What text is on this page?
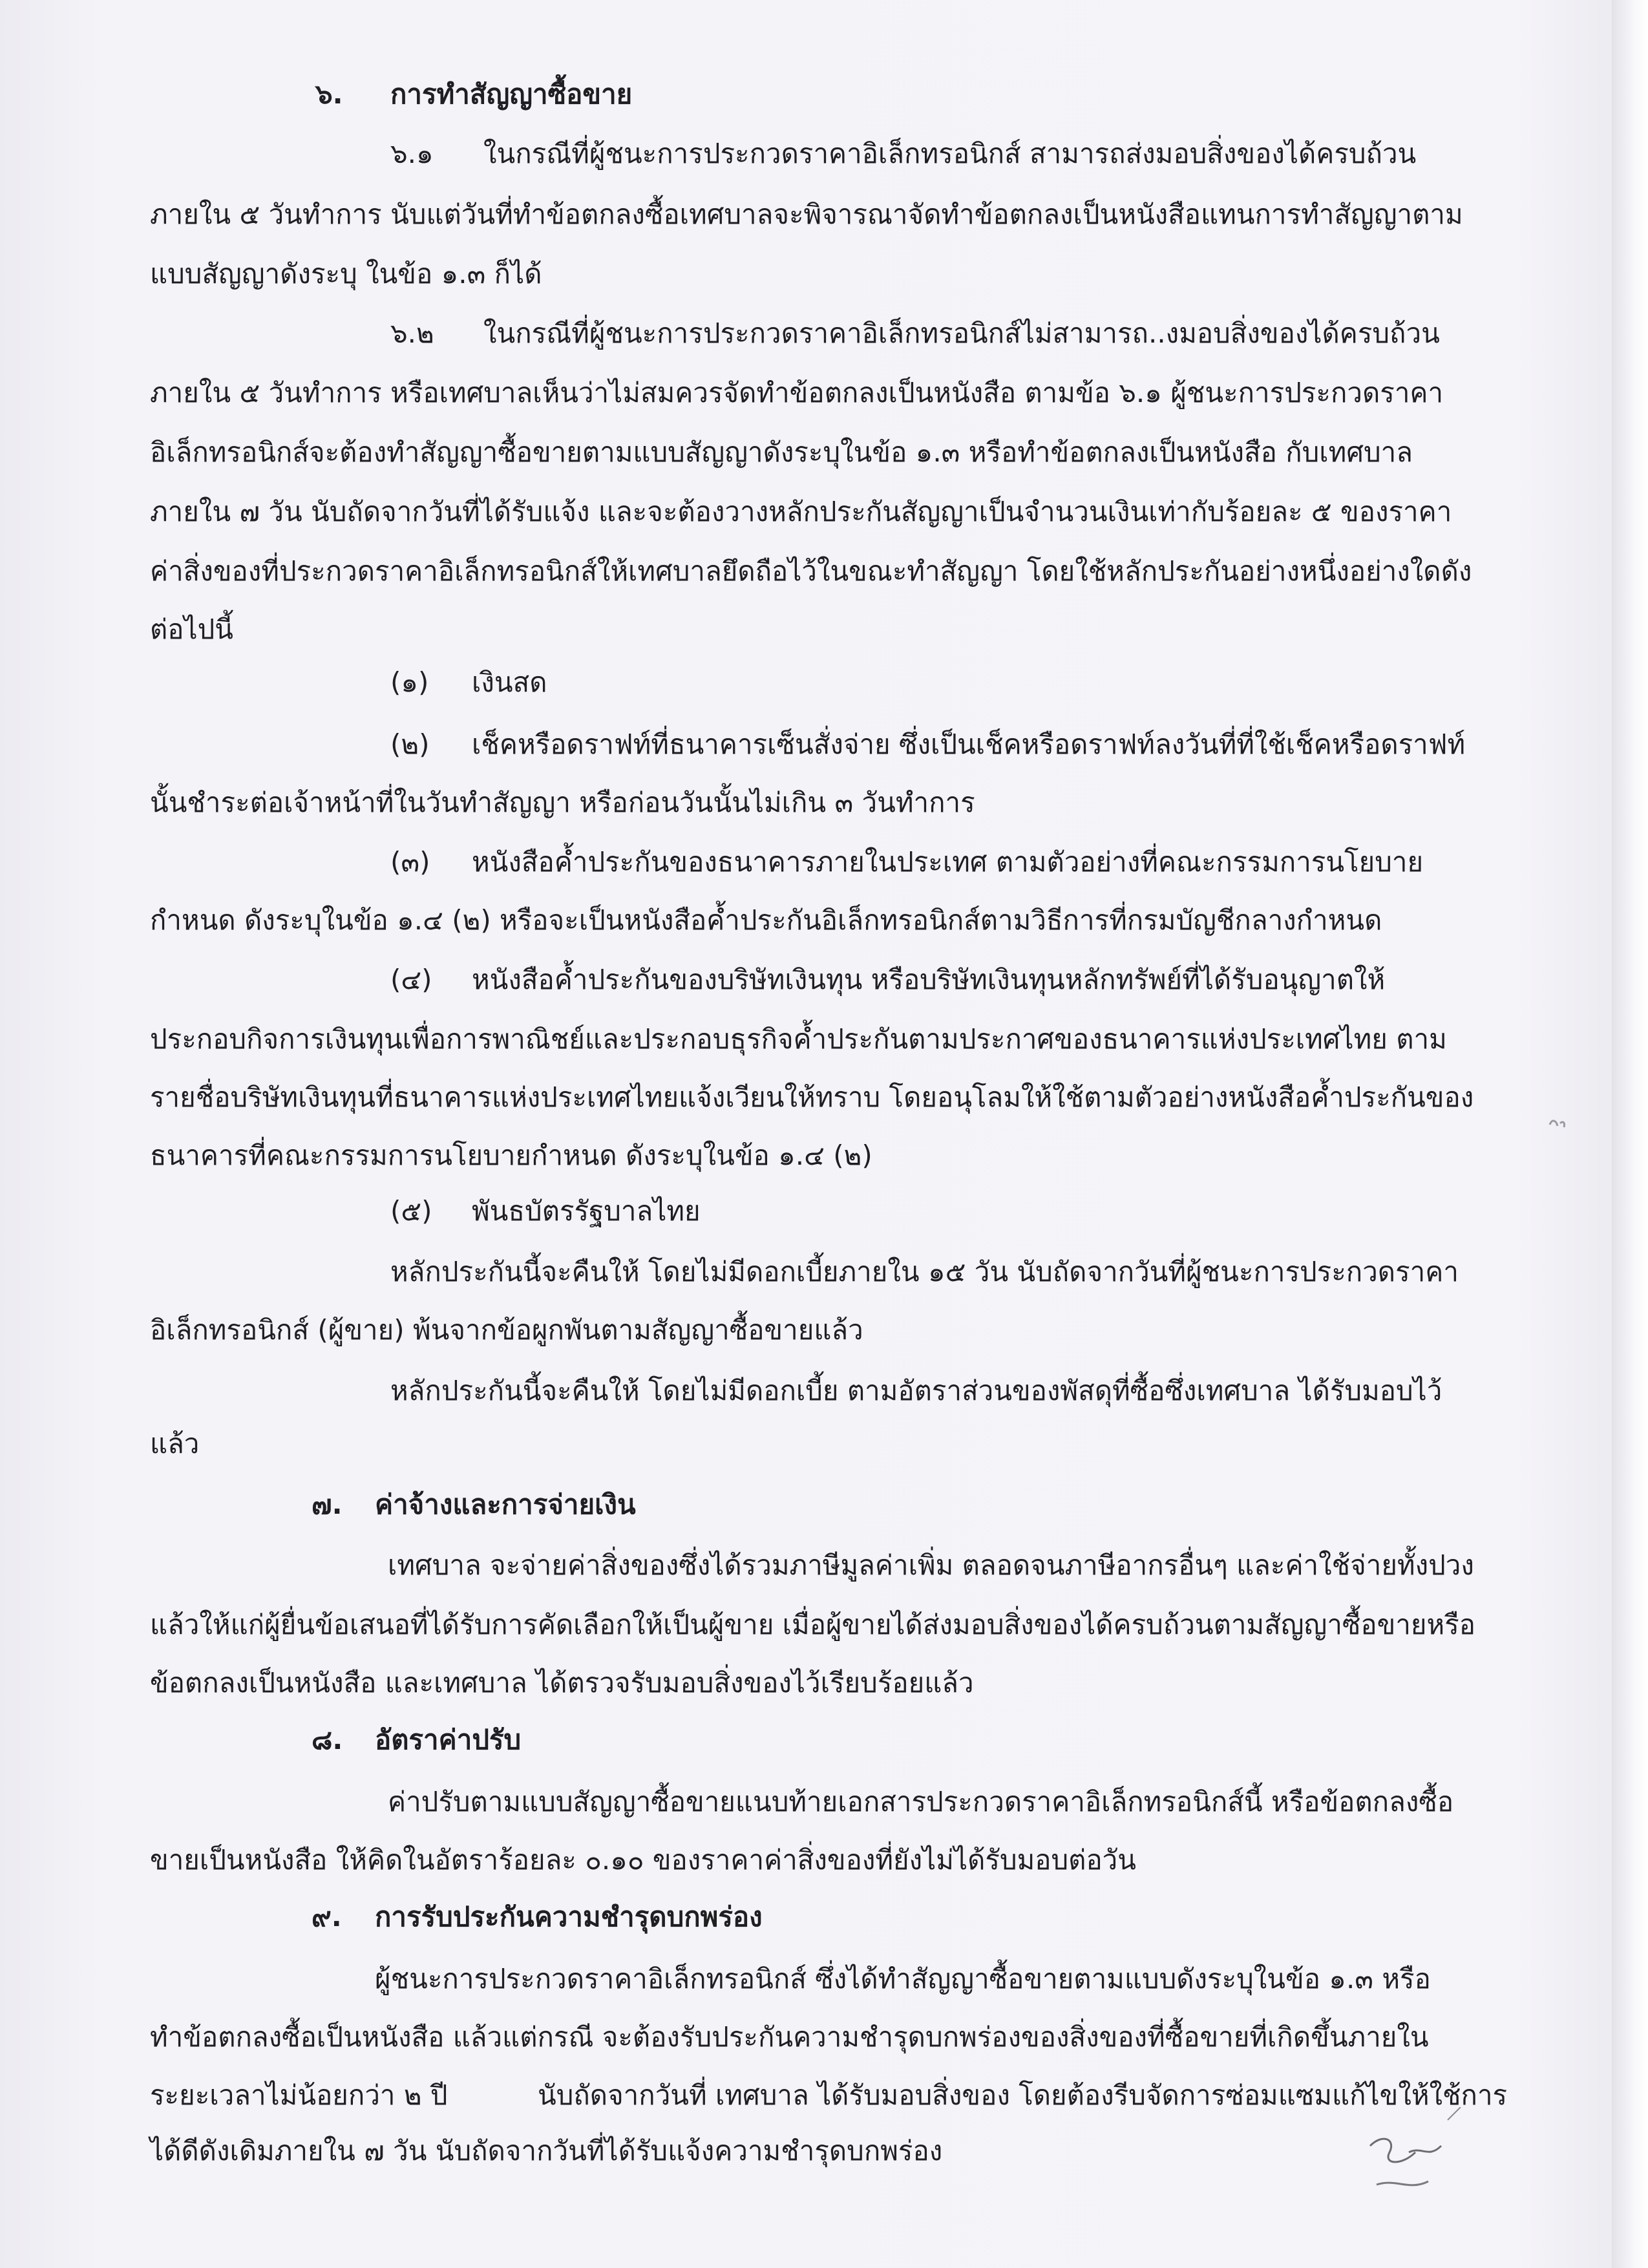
๖. การทำสัญญาซื้อขาย
๖.๑ ในกรณีที่ผู้ชนะการประกวดราคาอิเล็กทรอนิกส์ สามารถส่งมอบสิ่งของได้ครบถ้วน
ภายใน ๕ วันทำการ นับแต่วันที่ทำข้อตกลงซื้อเทศบาลจะพิจารณาจัดทำข้อตกลงเป็นหนังสือแทนการทำสัญญาตาม
แบบสัญญาดังระบุ ในข้อ ๑.๓ ก็ได้
๖.๒ ในกรณีที่ผู้ชนะการประกวดราคาอิเล็กทรอนิกส์ไม่สามารถ..งมอบสิ่งของได้ครบถ้วน
ภายใน ๕ วันทำการ หรือเทศบาลเห็นว่าไม่สมควรจัดทำข้อตกลงเป็นหนังสือ ตามข้อ ๖.๑ ผู้ชนะการประกวดราคา
อิเล็กทรอนิกส์จะต้องทำสัญญาซื้อขายตามแบบสัญญาดังระบุในข้อ ๑.๓ หรือทำข้อตกลงเป็นหนังสือ กับเทศบาล
ภายใน ๗ วัน นับถัดจากวันที่ได้รับแจ้ง และจะต้องวางหลักประกันสัญญาเป็นจำนวนเงินเท่ากับร้อยละ ๕ ของราคา
ค่าสิ่งของที่ประกวดราคาอิเล็กทรอนิกส์ให้เทศบาลยึดถือไว้ในขณะทำสัญญา โดยใช้หลักประกันอย่างหนึ่งอย่างใดดัง
ต่อไปนี้
(๑) เงินสด
(๒) เช็คหรือดราฟท์ที่ธนาคารเซ็นสั่งจ่าย ซึ่งเป็นเช็คหรือดราฟท์ลงวันที่ที่ใช้เช็คหรือดราฟท์
นั้นชำระต่อเจ้าหน้าที่ในวันทำสัญญา หรือก่อนวันนั้นไม่เกิน ๓ วันทำการ
(๓) หนังสือค้ำประกันของธนาคารภายในประเทศ ตามตัวอย่างที่คณะกรรมการนโยบาย
กำหนด ดังระบุในข้อ ๑.๔ (๒) หรือจะเป็นหนังสือค้ำประกันอิเล็กทรอนิกส์ตามวิธีการที่กรมบัญชีกลางกำหนด
(๔) หนังสือค้ำประกันของบริษัทเงินทุน หรือบริษัทเงินทุนหลักทรัพย์ที่ได้รับอนุญาตให้
ประกอบกิจการเงินทุนเพื่อการพาณิชย์และประกอบธุรกิจค้ำประกันตามประกาศของธนาคารแห่งประเทศไทย ตาม
รายชื่อบริษัทเงินทุนที่ธนาคารแห่งประเทศไทยแจ้งเวียนให้ทราบ โดยอนุโลมให้ใช้ตามตัวอย่างหนังสือค้ำประกันของ
ธนาคารที่คณะกรรมการนโยบายกำหนด ดังระบุในข้อ ๑.๔ (๒)
(๕) พันธบัตรรัฐบาลไทย
หลักประกันนี้จะคืนให้ โดยไม่มีดอกเบี้ยภายใน ๑๕ วัน นับถัดจากวันที่ผู้ชนะการประกวดราคา
อิเล็กทรอนิกส์ (ผู้ขาย) พ้นจากข้อผูกพันตามสัญญาซื้อขายแล้ว
หลักประกันนี้จะคืนให้ โดยไม่มีดอกเบี้ย ตามอัตราส่วนของพัสดุที่ซื้อซึ่งเทศบาล ได้รับมอบไว้
แล้ว
๗. ค่าจ้างและการจ่ายเงิน
เทศบาล จะจ่ายค่าสิ่งของซึ่งได้รวมภาษีมูลค่าเพิ่ม ตลอดจนภาษีอากรอื่นๆ และค่าใช้จ่ายทั้งปวง
แล้วให้แก่ผู้ยื่นข้อเสนอที่ได้รับการคัดเลือกให้เป็นผู้ขาย เมื่อผู้ขายได้ส่งมอบสิ่งของได้ครบถ้วนตามสัญญาซื้อขายหรือ
ข้อตกลงเป็นหนังสือ และเทศบาล ได้ตรวจรับมอบสิ่งของไว้เรียบร้อยแล้ว
๘. อัตราค่าปรับ
ค่าปรับตามแบบสัญญาซื้อขายแนบท้ายเอกสารประกวดราคาอิเล็กทรอนิกส์นี้ หรือข้อตกลงซื้อ
ขายเป็นหนังสือ ให้คิดในอัตราร้อยละ ๐.๑๐ ของราคาค่าสิ่งของที่ยังไม่ได้รับมอบต่อวัน
๙. การรับประกันความชำรุดบกพร่อง
ผู้ชนะการประกวดราคาอิเล็กทรอนิกส์ ซึ่งได้ทำสัญญาซื้อขายตามแบบดังระบุในข้อ ๑.๓ หรือ
ทำข้อตกลงซื้อเป็นหนังสือ แล้วแต่กรณี จะต้องรับประกันความชำรุดบกพร่องของสิ่งของที่ซื้อขายที่เกิดขึ้นภายใน
ระยะเวลาไม่น้อยกว่า ๒ ปี	นับถัดจากวันที่ เทศบาล ได้รับมอบสิ่งของ โดยต้องรีบจัดการซ่อมแซมแก้ไขให้ใช้การ
ได้ดีดังเดิมภายใน ๗ วัน นับถัดจากวันที่ได้รับแจ้งความชำรุดบกพร่อง
